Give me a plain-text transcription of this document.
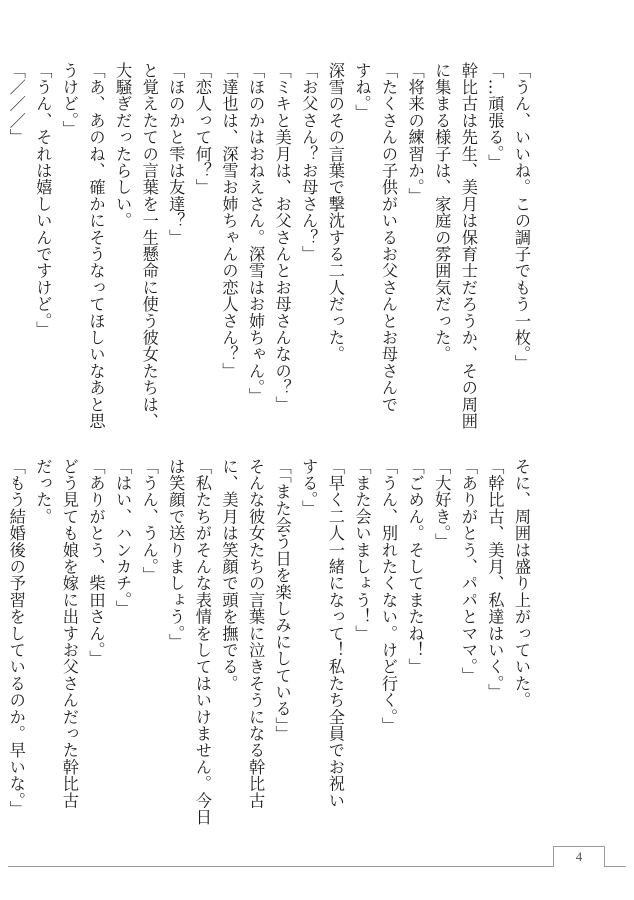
「うん、いいね。この調子でもう一枚。」
「…頑張る。」
幹比古は先生、美月は保育士だろうか、その周囲
に集まる様子は、家庭の雰囲気だった。
「将来の練習か。」
「たくさんの子供がいるお父さんとお母さんで
すね。」
深雪のその言葉で撃沈する二人だった。
「お父さん？お母さん？」
「ミキと美月は、お父さんとお母さんなの？」
「ほのかはおねえさん。深雪はお姉ちゃん。」
「達也は、深雪お姉ちゃんの恋人さん？」
「恋人って何？」
「ほのかと雫は友達？」
と覚えたての言葉を一生懸命に使う彼女たちは、
大騒ぎだったらしい。
「あ、あのね、確かにそうなってほしいなあと思
うけど。」
「うん、それは嬉しいんですけど。」
「／／／」
そに、周囲は盛り上がっていた。
「幹比古、美月、私達はいく。」
「ありがとう、パパとママ。」
「大好き。」
「ごめん。そしてまたね！」
「うん、別れたくない。けど行く。」
「また会いましょう！」
「早く二人一緒になって！私たち全員でお祝い
する。」
「「また会う日を楽しみにしている」」
そんな彼女たちの言葉に泣きそうになる幹比古
に、美月は笑顔で頭を撫でる。
「私たちがそんな表情をしてはいけません。今日
は笑顔で送りましょう。」
「うん、うん。」
「はい、ハンカチ。」
「ありがとう、柴田さん。」
どう見ても娘を嫁に出すお父さんだった幹比古
だった。
「もう結婚後の予習をしているのか。早いな。」
4
